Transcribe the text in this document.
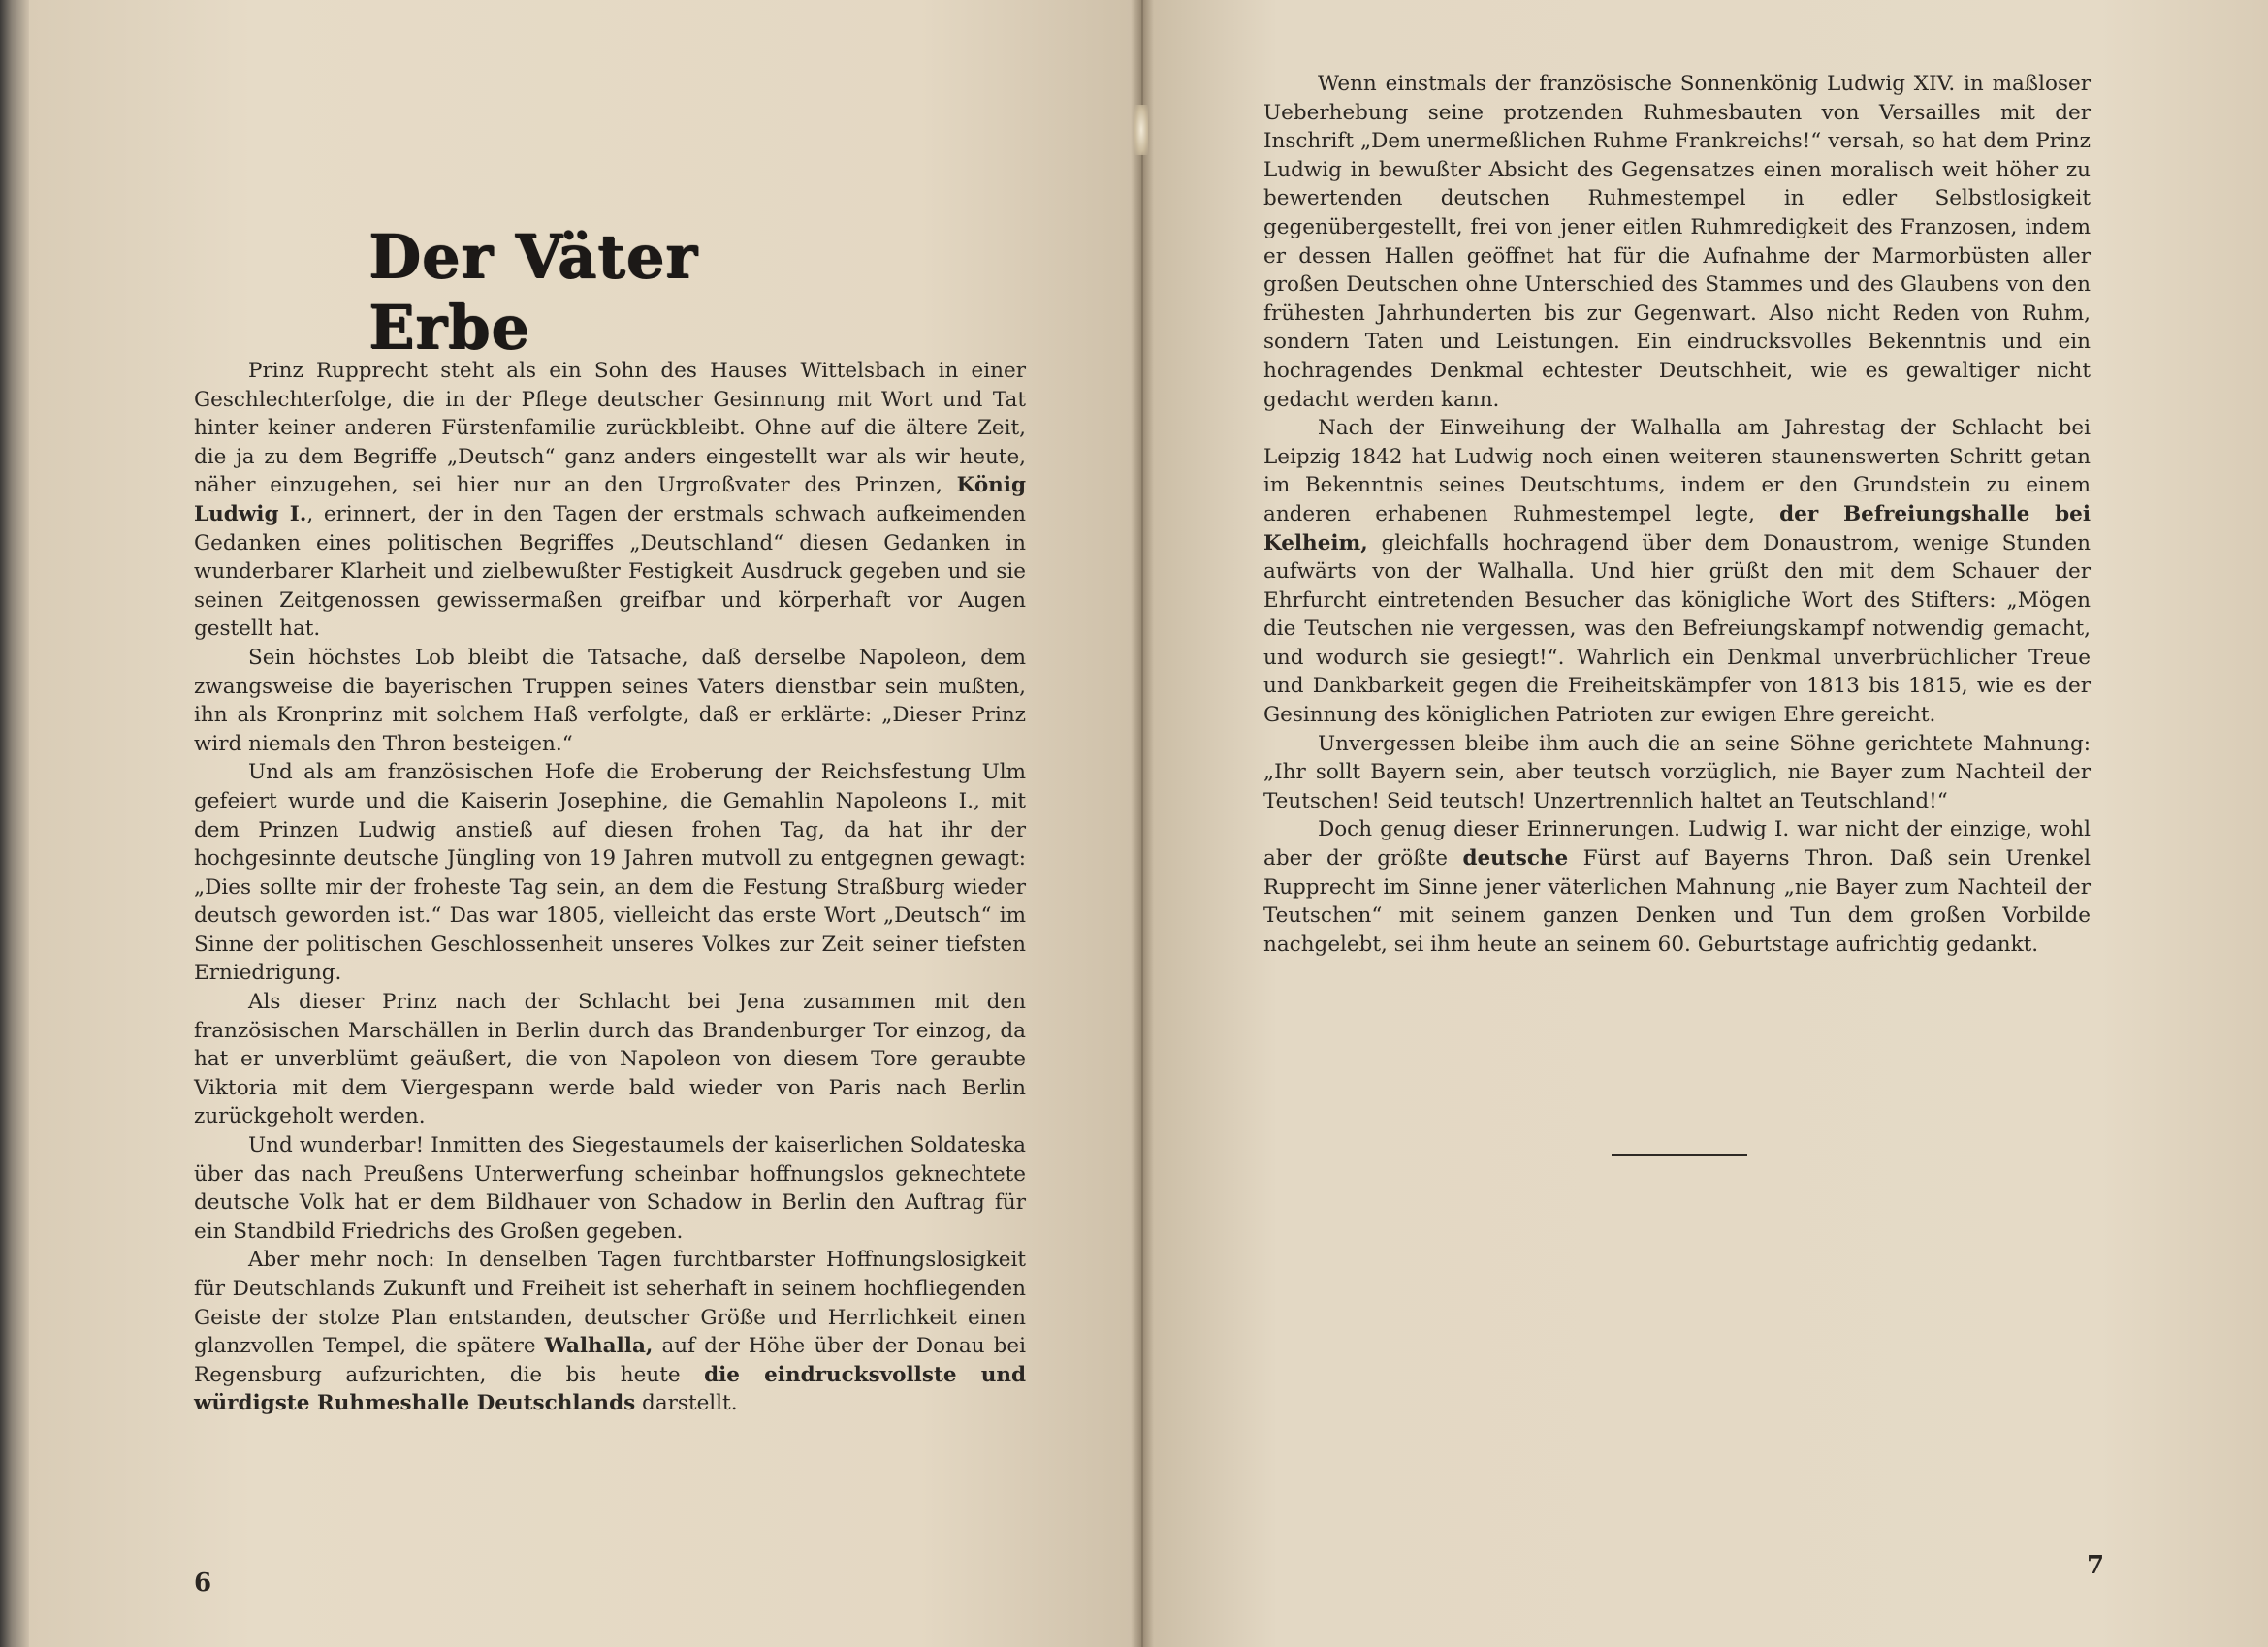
Der Väter Erbe

Prinz Rupprecht steht als ein Sohn des Hauses Wittelsbach in einer Geschlechterfolge, die in der Pflege deutscher Gesinnung mit Wort und Tat hinter keiner anderen Fürstenfamilie zurückbleibt. Ohne auf die ältere Zeit, die ja zu dem Begriffe „Deutsch“ ganz anders eingestellt war als wir heute, näher einzugehen, sei hier nur an den Urgroßvater des Prinzen, König Ludwig I., erinnert, der in den Tagen der erstmals schwach aufkeimenden Gedanken eines politischen Begriffes „Deutschland“ diesen Gedanken in wunderbarer Klarheit und zielbewußter Festigkeit Ausdruck gegeben und sie seinen Zeitgenossen gewissermaßen greifbar und körperhaft vor Augen gestellt hat.

Sein höchstes Lob bleibt die Tatsache, daß derselbe Napoleon, dem zwangsweise die bayerischen Truppen seines Vaters dienstbar sein mußten, ihn als Kronprinz mit solchem Haß verfolgte, daß er erklärte: „Dieser Prinz wird niemals den Thron besteigen.“

Und als am französischen Hofe die Eroberung der Reichsfestung Ulm gefeiert wurde und die Kaiserin Josephine, die Gemahlin Napoleons I., mit dem Prinzen Ludwig anstieß auf diesen frohen Tag, da hat ihr der hochgesinnte deutsche Jüngling von 19 Jahren mutvoll zu entgegnen gewagt: „Dies sollte mir der froheste Tag sein, an dem die Festung Straßburg wieder deutsch geworden ist.“ Das war 1805, vielleicht das erste Wort „Deutsch“ im Sinne der politischen Geschlossenheit unseres Volkes zur Zeit seiner tiefsten Erniedrigung.

Als dieser Prinz nach der Schlacht bei Jena zusammen mit den französischen Marschällen in Berlin durch das Brandenburger Tor einzog, da hat er unverblümt geäußert, die von Napoleon von diesem Tore geraubte Viktoria mit dem Viergespann werde bald wieder von Paris nach Berlin zurückgeholt werden.

Und wunderbar! Inmitten des Siegestaumels der kaiserlichen Soldateska über das nach Preußens Unterwerfung scheinbar hoffnungslos geknechtete deutsche Volk hat er dem Bildhauer von Schadow in Berlin den Auftrag für ein Standbild Friedrichs des Großen gegeben.

Aber mehr noch: In denselben Tagen furchtbarster Hoffnungslosigkeit für Deutschlands Zukunft und Freiheit ist seherhaft in seinem hochfliegenden Geiste der stolze Plan entstanden, deutscher Größe und Herrlichkeit einen glanzvollen Tempel, die spätere Walhalla, auf der Höhe über der Donau bei Regensburg aufzurichten, die bis heute die eindrucksvollste und würdigste Ruhmeshalle Deutschlands darstellt.

Wenn einstmals der französische Sonnenkönig Ludwig XIV. in maßloser Ueberhebung seine protzenden Ruhmesbauten von Versailles mit der Inschrift „Dem unermeßlichen Ruhme Frankreichs!“ versah, so hat dem Prinz Ludwig in bewußter Absicht des Gegensatzes einen moralisch weit höher zu bewertenden deutschen Ruhmestempel in edler Selbstlosigkeit gegenübergestellt, frei von jener eitlen Ruhmredigkeit des Franzosen, indem er dessen Hallen geöffnet hat für die Aufnahme der Marmorbüsten aller großen Deutschen ohne Unterschied des Stammes und des Glaubens von den frühesten Jahrhunderten bis zur Gegenwart. Also nicht Reden von Ruhm, sondern Taten und Leistungen. Ein eindrucksvolles Bekenntnis und ein hochragendes Denkmal echtester Deutschheit, wie es gewaltiger nicht gedacht werden kann.

Nach der Einweihung der Walhalla am Jahrestag der Schlacht bei Leipzig 1842 hat Ludwig noch einen weiteren staunenswerten Schritt getan im Bekenntnis seines Deutschtums, indem er den Grundstein zu einem anderen erhabenen Ruhmestempel legte, der Befreiungshalle bei Kelheim, gleichfalls hochragend über dem Donaustrom, wenige Stunden aufwärts von der Walhalla. Und hier grüßt den mit dem Schauer der Ehrfurcht eintretenden Besucher das königliche Wort des Stifters: „Mögen die Teutschen nie vergessen, was den Befreiungskampf notwendig gemacht, und wodurch sie gesiegt!“. Wahrlich ein Denkmal unverbrüchlicher Treue und Dankbarkeit gegen die Freiheitskämpfer von 1813 bis 1815, wie es der Gesinnung des königlichen Patrioten zur ewigen Ehre gereicht.

Unvergessen bleibe ihm auch die an seine Söhne gerichtete Mahnung: „Ihr sollt Bayern sein, aber teutsch vorzüglich, nie Bayer zum Nachteil der Teutschen! Seid teutsch! Unzertrennlich haltet an Teutschland!“

Doch genug dieser Erinnerungen. Ludwig I. war nicht der einzige, wohl aber der größte deutsche Fürst auf Bayerns Thron. Daß sein Urenkel Rupprecht im Sinne jener väterlichen Mahnung „nie Bayer zum Nachteil der Teutschen“ mit seinem ganzen Denken und Tun dem großen Vorbilde nachgelebt, sei ihm heute an seinem 60. Geburtstage aufrichtig gedankt.

6
7
